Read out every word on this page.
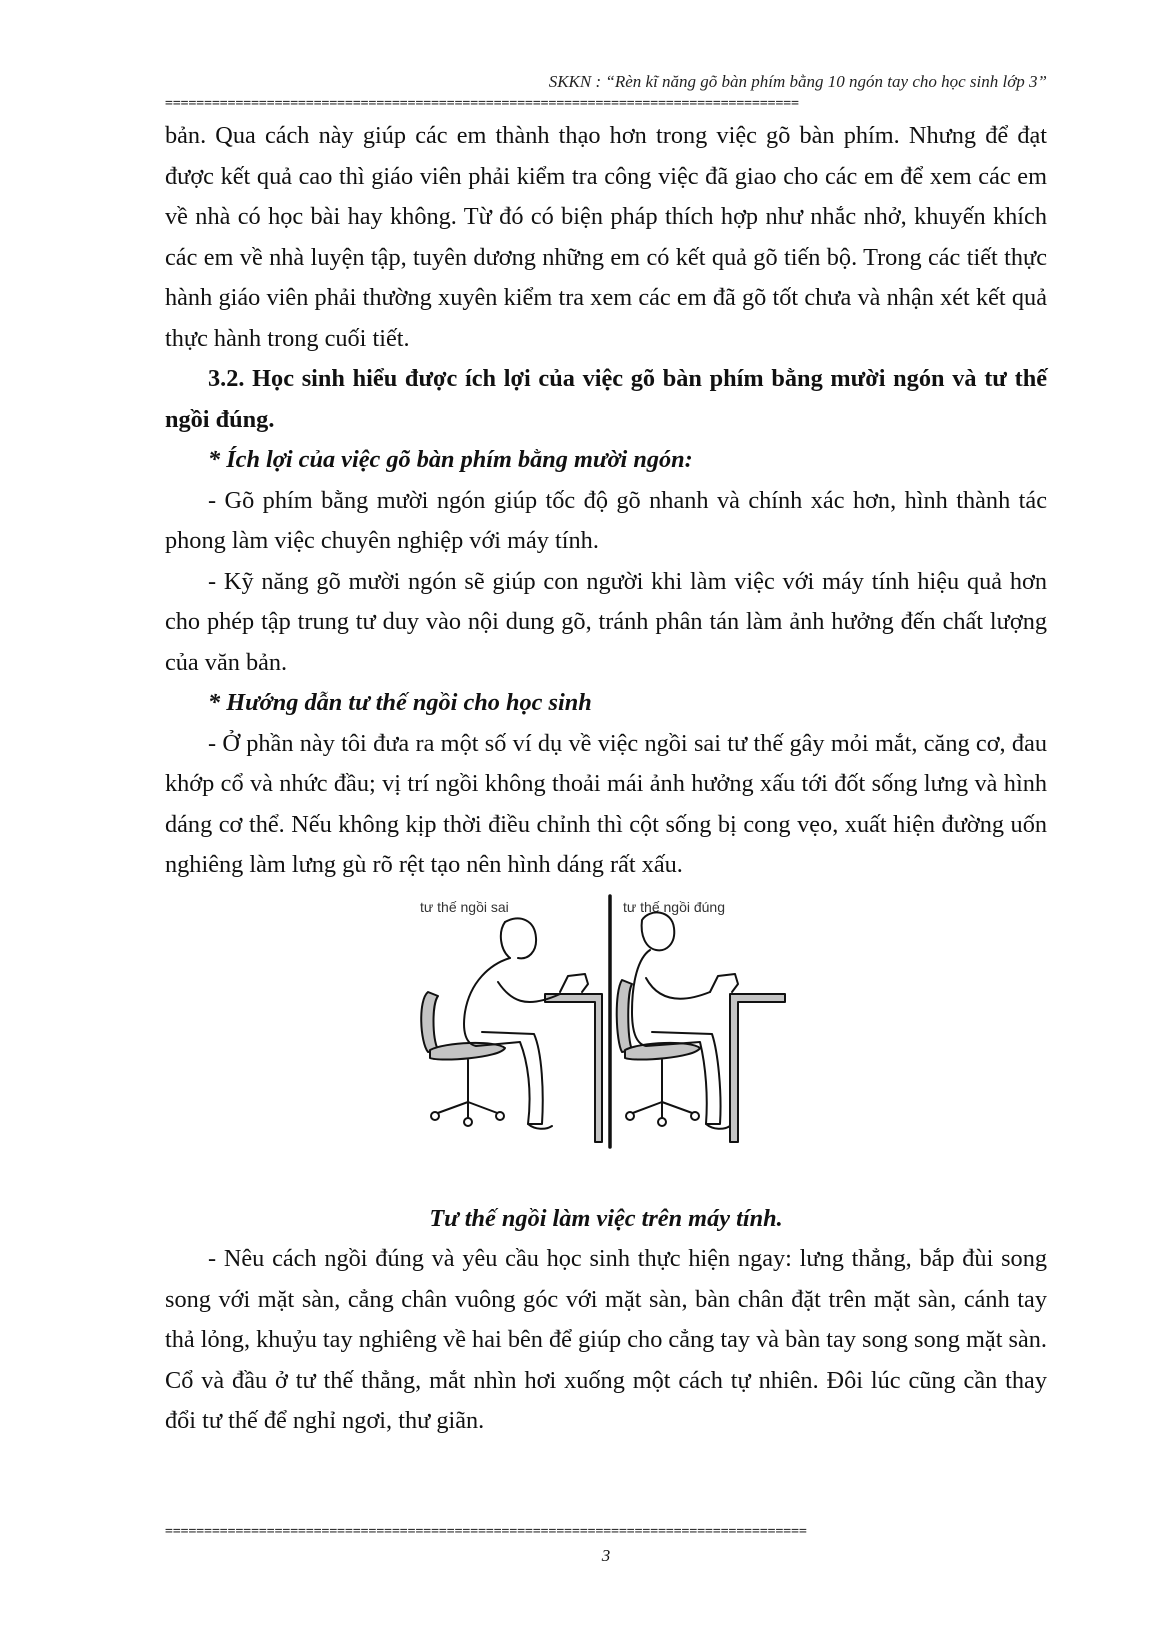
SKKN : “Rèn kĩ năng gõ bàn phím bằng 10 ngón tay cho học sinh lớp 3”
=================================================================================

bản. Qua cách này giúp các em thành thạo hơn trong việc gõ bàn phím. Nhưng để đạt được kết quả cao thì giáo viên phải kiểm tra công việc đã giao cho các em để xem các em về nhà có học bài hay không. Từ đó có biện pháp thích hợp như nhắc nhở, khuyến khích các em về nhà luyện tập, tuyên dương những em có kết quả gõ tiến bộ. Trong các tiết thực hành giáo viên phải thường xuyên kiểm tra xem các em đã gõ tốt chưa và nhận xét kết quả thực hành trong cuối tiết.

3.2. Học sinh hiểu được ích lợi của việc gõ bàn phím bằng mười ngón và tư thế ngồi đúng.

* Ích lợi của việc gõ bàn phím bằng mười ngón:

- Gõ phím bằng mười ngón giúp tốc độ gõ nhanh và chính xác hơn, hình thành tác phong làm việc chuyên nghiệp với máy tính.

- Kỹ năng gõ mười ngón sẽ giúp con người khi làm việc với máy tính hiệu quả hơn cho phép tập trung tư duy vào nội dung gõ, tránh phân tán làm ảnh hưởng đến chất lượng của văn bản.

* Hướng dẫn tư thế ngồi cho học sinh

- Ở phần này tôi đưa ra một số ví dụ về việc ngồi sai tư thế gây mỏi mắt, căng cơ, đau khớp cổ và nhức đầu; vị trí ngồi không thoải mái ảnh hưởng xấu tới đốt sống lưng và hình dáng cơ thể. Nếu không kịp thời điều chỉnh thì cột sống bị cong vẹo, xuất hiện đường uốn nghiêng làm lưng gù rõ rệt tạo nên hình dáng rất xấu.

tư thế ngồi sai	tư thế ngồi đúng

Tư thế ngồi làm việc trên máy tính.

- Nêu cách ngồi đúng và yêu cầu học sinh thực hiện ngay: lưng thẳng, bắp đùi song song với mặt sàn, cẳng chân vuông góc với mặt sàn, bàn chân đặt trên mặt sàn, cánh tay thả lỏng, khuỷu tay nghiêng về hai bên để giúp cho cẳng tay và bàn tay song song mặt sàn. Cổ và đầu ở tư thế thẳng, mắt nhìn hơi xuống một cách tự nhiên. Đôi lúc cũng cần thay đổi tư thế để nghỉ ngơi, thư giãn.

==================================================================================
3
